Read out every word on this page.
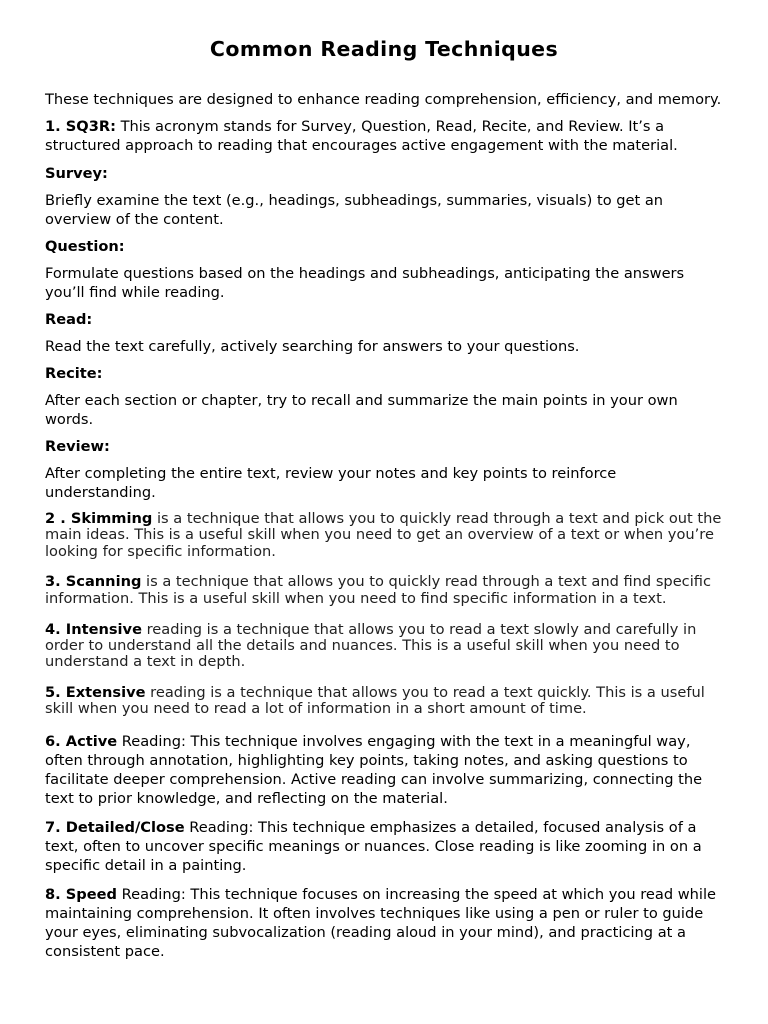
Common Reading Techniques

These techniques are designed to enhance reading comprehension, efficiency, and memory.

1. SQ3R: This acronym stands for Survey, Question, Read, Recite, and Review. It’s a structured approach to reading that encourages active engagement with the material.

Survey:

Briefly examine the text (e.g., headings, subheadings, summaries, visuals) to get an overview of the content.

Question:

Formulate questions based on the headings and subheadings, anticipating the answers you’ll find while reading.

Read:

Read the text carefully, actively searching for answers to your questions.

Recite:

After each section or chapter, try to recall and summarize the main points in your own words.

Review:

After completing the entire text, review your notes and key points to reinforce understanding.

2 . Skimming is a technique that allows you to quickly read through a text and pick out the main ideas. This is a useful skill when you need to get an overview of a text or when you’re looking for specific information.

3. Scanning is a technique that allows you to quickly read through a text and find specific information. This is a useful skill when you need to find specific information in a text.

4. Intensive reading is a technique that allows you to read a text slowly and carefully in order to understand all the details and nuances. This is a useful skill when you need to understand a text in depth.

5. Extensive reading is a technique that allows you to read a text quickly. This is a useful skill when you need to read a lot of information in a short amount of time.

6. Active Reading: This technique involves engaging with the text in a meaningful way, often through annotation, highlighting key points, taking notes, and asking questions to facilitate deeper comprehension. Active reading can involve summarizing, connecting the text to prior knowledge, and reflecting on the material.

7. Detailed/Close Reading: This technique emphasizes a detailed, focused analysis of a text, often to uncover specific meanings or nuances. Close reading is like zooming in on a specific detail in a painting.

8. Speed Reading: This technique focuses on increasing the speed at which you read while maintaining comprehension. It often involves techniques like using a pen or ruler to guide your eyes, eliminating subvocalization (reading aloud in your mind), and practicing at a consistent pace.
